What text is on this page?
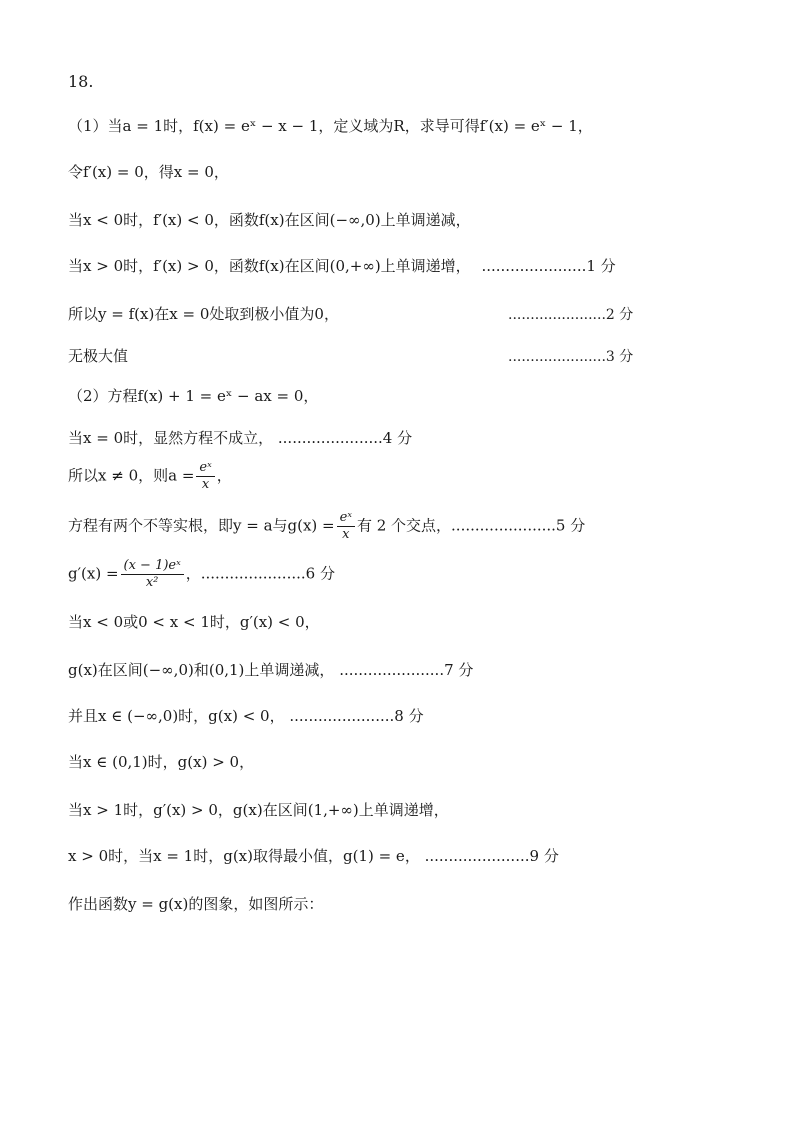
18.
（1）当a = 1时，f(x) = eˣ − x − 1，定义域为R，求导可得f′(x) = eˣ − 1，
令f′(x) = 0，得x = 0，
当x < 0时，f′(x) < 0，函数f(x)在区间(−∞,0)上单调递减，
当x > 0时，f′(x) > 0，函数f(x)在区间(0,+∞)上单调递增， ......................1 分
所以y = f(x)在x = 0处取到极小值为0，	......................2 分
无极大值	......................3 分
（2）方程f(x) + 1 = eˣ − ax = 0，
当x = 0时，显然方程不成立， ......................4 分
所以x ≠ 0，则$a = \frac{\text{eˣ}}{x}$ ，
方程有两个不等实根，即y = a与$g(x) = \frac{\text{eˣ}}{x}$ 有 2 个交点，......................5 分
$g'(x) = \frac{\text{(x − 1)eˣ}}{\text{x²}}$ ，......................6 分
当x < 0或0 < x < 1时，g′(x) < 0，
g(x)在区间(−∞,0)和(0,1)上单调递减， ......................7 分
并且x ∈ (−∞,0)时，g(x) < 0， ......................8 分
当x ∈ (0,1)时，g(x) > 0，
当x > 1时，g′(x) > 0，g(x)在区间(1,+∞)上单调递增，
x > 0时，当x = 1时，g(x)取得最小值，g(1) = e， ......................9 分
作出函数y = g(x)的图象，如图所示：
